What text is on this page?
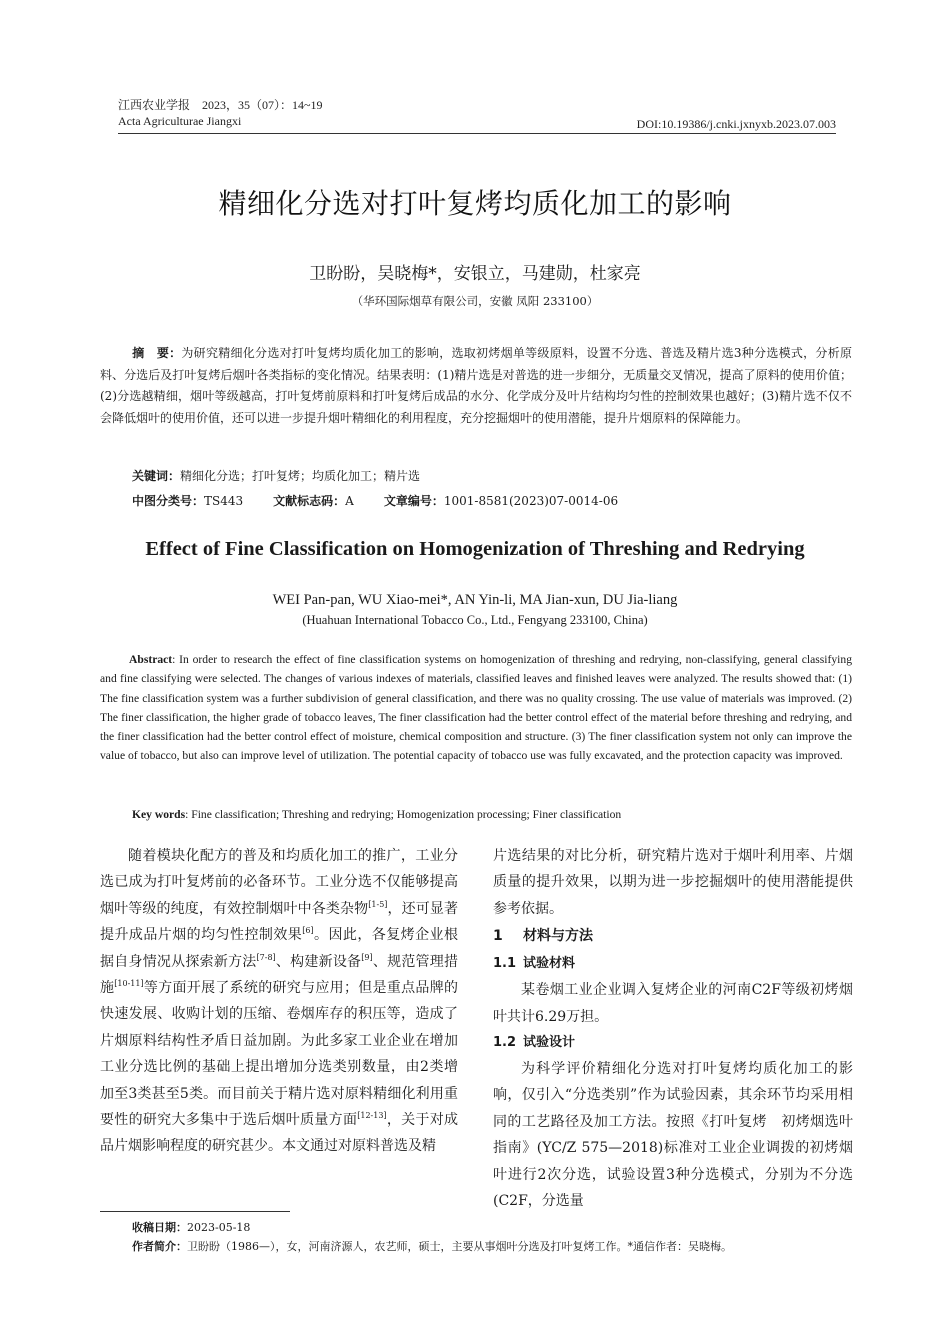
江西农业学报 2023，35（07）：14~19
Acta Agriculturae Jiangxi	DOI:10.19386/j.cnki.jxnyxb.2023.07.003
精细化分选对打叶复烤均质化加工的影响
卫盼盼，吴晓梅*，安银立，马建勋，杜家亮
（华环国际烟草有限公司，安徽 凤阳 233100）
摘　要：为研究精细化分选对打叶复烤均质化加工的影响，选取初烤烟单等级原料，设置不分选、普选及精片选3种分选模式，分析原料、分选后及打叶复烤后烟叶各类指标的变化情况。结果表明：(1)精片选是对普选的进一步细分，无质量交叉情况，提高了原料的使用价值；(2)分选越精细，烟叶等级越高，打叶复烤前原料和打叶复烤后成品的水分、化学成分及叶片结构均匀性的控制效果也越好；(3)精片选不仅不会降低烟叶的使用价值，还可以进一步提升烟叶精细化的利用程度，充分挖掘烟叶的使用潜能，提升片烟原料的保障能力。
关键词：精细化分选；打叶复烤；均质化加工；精片选
中图分类号：TS443	文献标志码：A	文章编号：1001-8581(2023)07-0014-06
Effect of Fine Classification on Homogenization of Threshing and Redrying
WEI Pan-pan, WU Xiao-mei*, AN Yin-li, MA Jian-xun, DU Jia-liang
(Huahuan International Tobacco Co., Ltd., Fengyang 233100, China)
Abstract: In order to research the effect of fine classification systems on homogenization of threshing and redrying, non-classifying, general classifying and fine classifying were selected. The changes of various indexes of materials, classified leaves and finished leaves were analyzed. The results showed that: (1) The fine classification system was a further subdivision of general classification, and there was no quality crossing. The use value of materials was improved. (2) The finer classification, the higher grade of tobacco leaves, The finer classification had the better control effect of the material before threshing and redrying, and the finer classification had the better control effect of moisture, chemical composition and structure. (3) The finer classification system not only can improve the value of tobacco, but also can improve level of utilization. The potential capacity of tobacco use was fully excavated, and the protection capacity was improved.
Key words: Fine classification; Threshing and redrying; Homogenization processing; Finer classification

随着模块化配方的普及和均质化加工的推广，工业分选已成为打叶复烤前的必备环节。工业分选不仅能够提高烟叶等级的纯度，有效控制烟叶中各类杂物[1-5]，还可显著提升成品片烟的均匀性控制效果[6]。因此，各复烤企业根据自身情况从探索新方法[7-8]、构建新设备[9]、规范管理措施[10-11]等方面开展了系统的研究与应用；但是重点品牌的快速发展、收购计划的压缩、卷烟库存的积压等，造成了片烟原料结构性矛盾日益加剧。为此多家工业企业在增加工业分选比例的基础上提出增加分选类别数量，由2类增加至3类甚至5类。而目前关于精片选对原料精细化利用重要性的研究大多集中于选后烟叶质量方面[12-13]，关于对成品片烟影响程度的研究甚少。本文通过对原料普选及精

片选结果的对比分析，研究精片选对于烟叶利用率、片烟质量的提升效果，以期为进一步挖掘烟叶的使用潜能提供参考依据。

1 材料与方法
1.1 试验材料

某卷烟工业企业调入复烤企业的河南C2F等级初烤烟叶共计6.29万担。

1.2 试验设计

为科学评价精细化分选对打叶复烤均质化加工的影响，仅引入“分选类别”作为试验因素，其余环节均采用相同的工艺路径及加工方法。按照《打叶复烤　初烤烟选叶指南》(YC/Z 575—2018)标准对工业企业调拨的初烤烟叶进行2次分选，试验设置3种分选模式，分别为不分选(C2F，分选量

收稿日期：2023-05-18
作者简介：卫盼盼（1986—），女，河南济源人，农艺师，硕士，主要从事烟叶分选及打叶复烤工作。*通信作者：吴晓梅。
